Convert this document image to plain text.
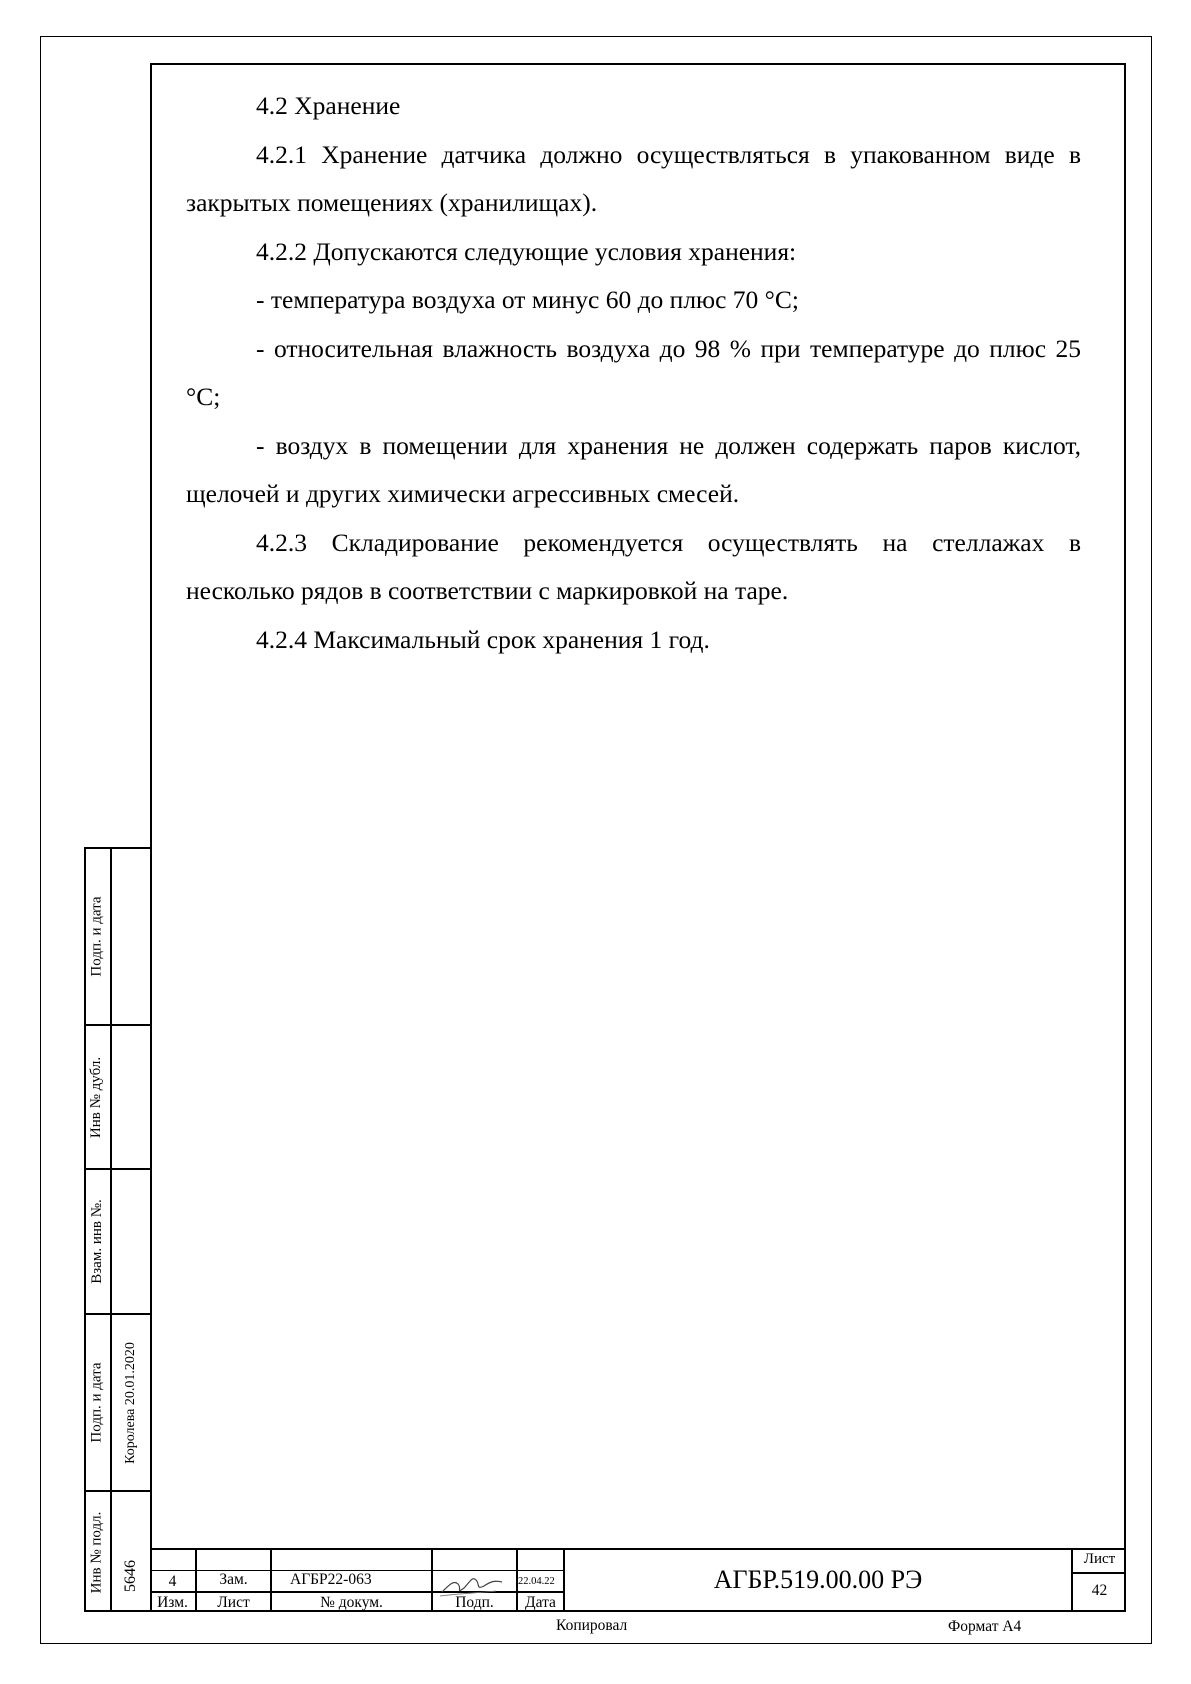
4.2 Хранение

4.2.1 Хранение датчика должно осуществляться в упакованном виде в закрытых помещениях (хранилищах).

4.2.2 Допускаются следующие условия хранения:

- температура воздуха от минус 60 до плюс 70 °С;

- относительная влажность воздуха до 98 % при температуре до плюс 25 °С;

- воздух в помещении для хранения не должен содержать паров кислот, щелочей и других химически агрессивных смесей.

4.2.3 Складирование рекомендуется осуществлять на стеллажах в несколько рядов в соответствии с маркировкой на таре.

4.2.4 Максимальный срок хранения 1 год.

Подп. и дата
Инв № дубл.
Взам. инв №.
Подп. и дата Королева 20.01.2020
Инв № подл. 5646	4	Зам.	АГБР22-063	22.04.22
Изм.	Лист	№ докум.	Подп.	Дата
АГБР.519.00.00 РЭ
Лист
42
Копировал	Формат А4
